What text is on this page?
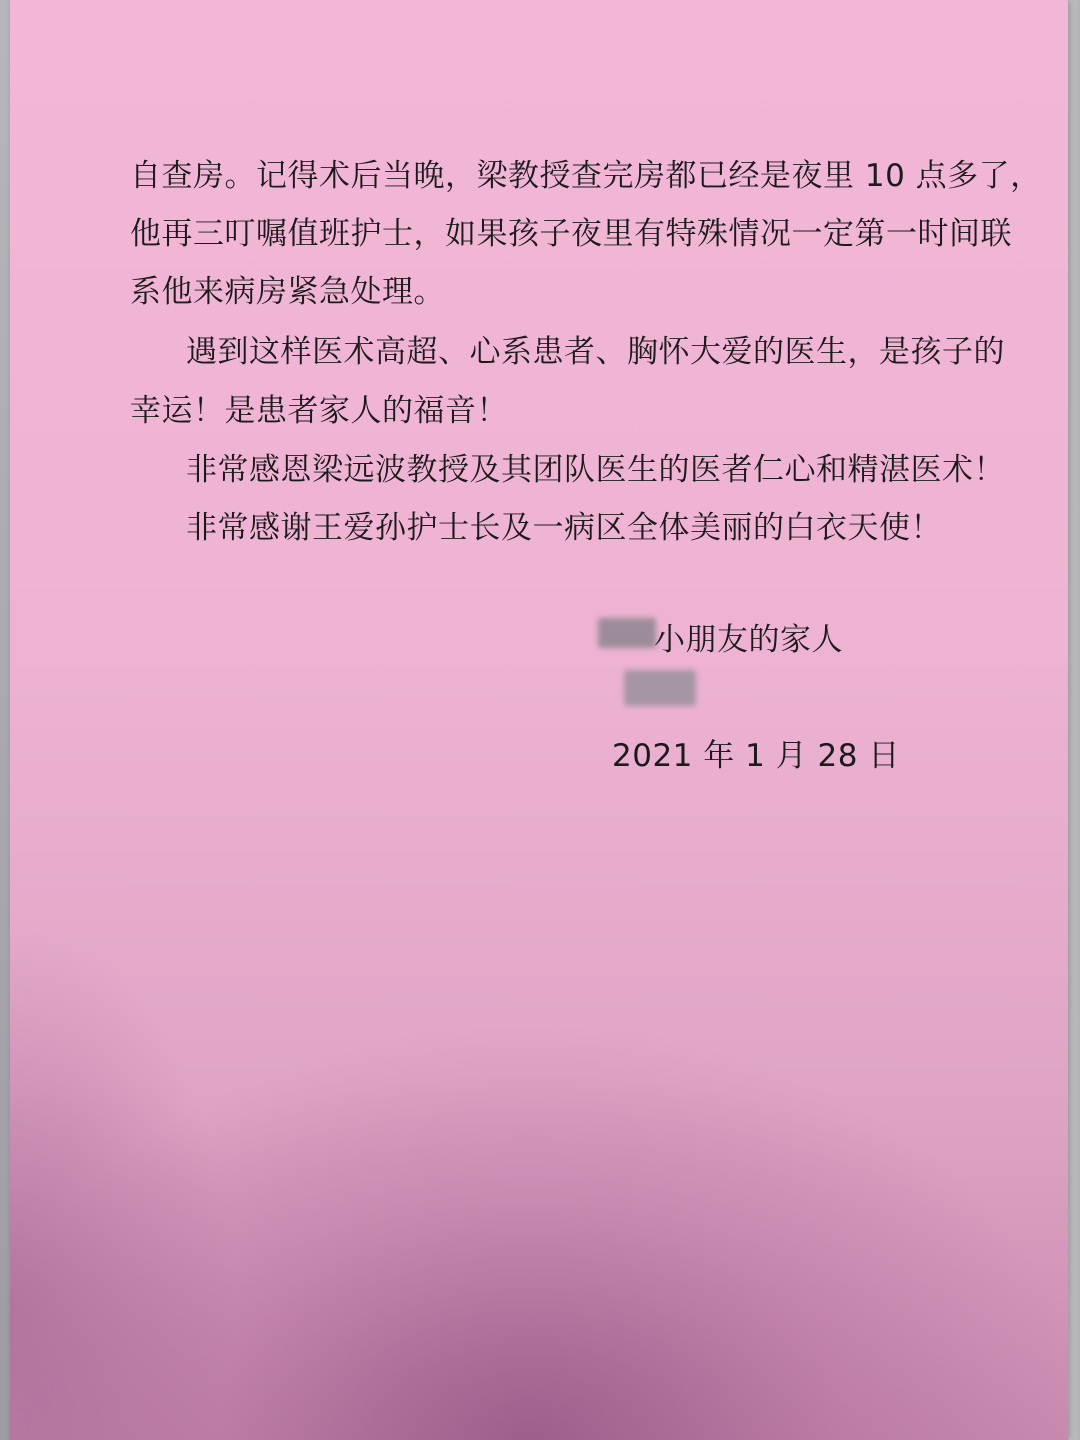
自查房。记得术后当晚，梁教授查完房都已经是夜里 10 点多了，
他再三叮嘱值班护士，如果孩子夜里有特殊情况一定第一时间联
系他来病房紧急处理。
遇到这样医术高超、心系患者、胸怀大爱的医生，是孩子的
幸运！是患者家人的福音！
非常感恩梁远波教授及其团队医生的医者仁心和精湛医术！
非常感谢王爱孙护士长及一病区全体美丽的白衣天使！
小朋友的家人
2021 年 1 月 28 日
